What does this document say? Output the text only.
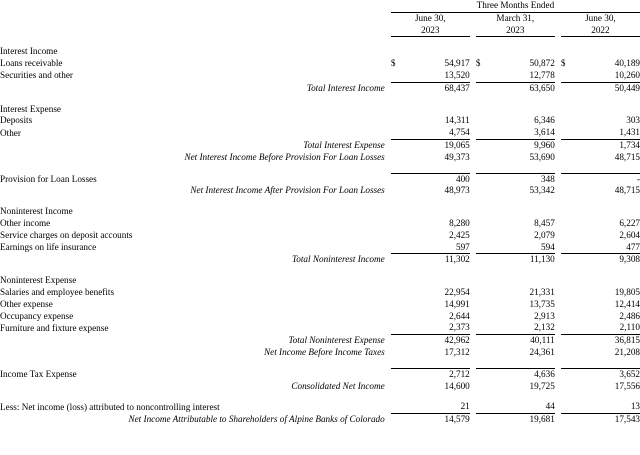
		Three Months Ended							
		June 30,			March 31,			June 30,	
		2023			2023			2022	

Interest Income									
Loans receivable		$	54,917		$	50,872		$	40,189
Securities and other			13,520			12,778			10,260
Total Interest Income			68,437			63,650			50,449

Interest Expense									
Deposits			14,311			6,346			303
Other			4,754			3,614			1,431
Total Interest Expense			19,065			9,960			1,734
Net Interest Income Before Provision For Loan Losses			49,373			53,690			48,715

Provision for Loan Losses			400			348			-
Net Interest Income After Provision For Loan Losses			48,973			53,342			48,715

Noninterest Income									
Other income			8,280			8,457			6,227
Service charges on deposit accounts			2,425			2,079			2,604
Earnings on life insurance			597			594			477
Total Noninterest Income			11,302			11,130			9,308

Noninterest Expense									
Salaries and employee benefits			22,954			21,331			19,805
Other expense			14,991			13,735			12,414
Occupancy expense			2,644			2,913			2,486
Furniture and fixture expense			2,373			2,132			2,110
Total Noninterest Expense			42,962			40,111			36,815
Net Income Before Income Taxes			17,312			24,361			21,208

Income Tax Expense			2,712			4,636			3,652
Consolidated Net Income			14,600			19,725			17,556

Less: Net income (loss) attributed to noncontrolling interest			21			44			13
Net Income Attributable to Shareholders of Alpine Banks of Colorado			14,579			19,681			17,543
